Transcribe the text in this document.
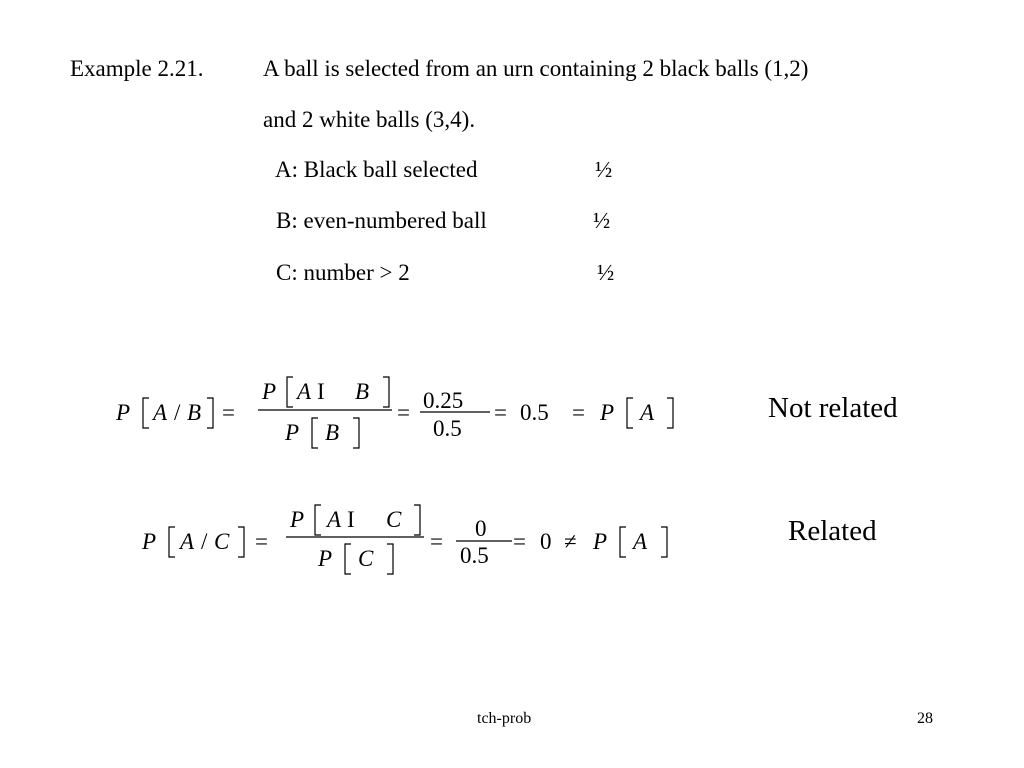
Example 2.21.	A ball is selected from an urn containing 2 black balls (1,2)
and 2 white balls (3,4).
A: Black ball selected	½
B: even-numbered ball	½
C: number > 2	½
P A / B =
P A I B
P B
= 0.25
0.5
= 0.5 = P A
P A / C =
P A I C
P C
=
0
0.5
= 0 ≠ P A
Not related
Related
tch-prob	28
